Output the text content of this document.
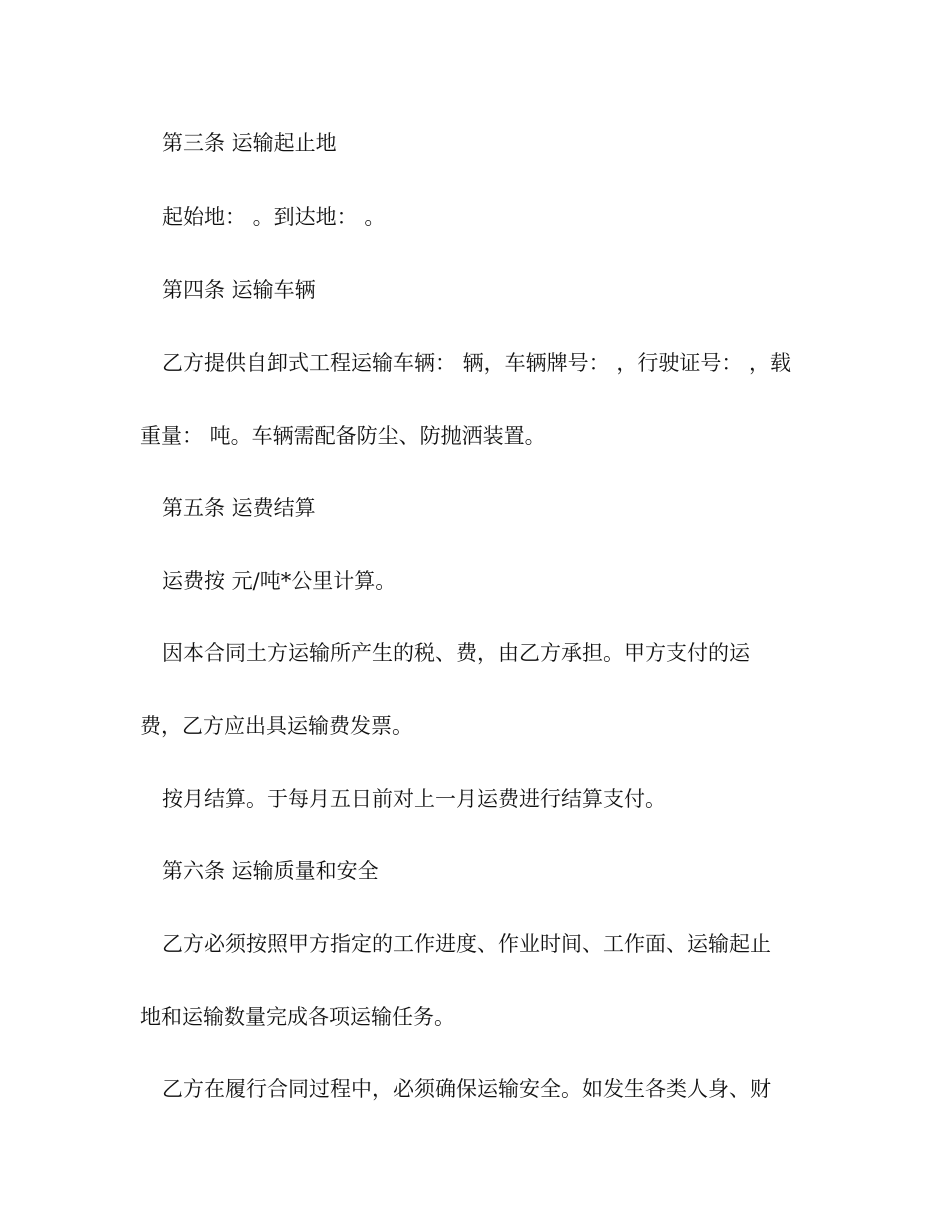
第三条 运输起止地

起始地： 。到达地： 。

第四条 运输车辆

乙方提供自卸式工程运输车辆： 辆，车辆牌号： ，行驶证号： ，载

重量： 吨。车辆需配备防尘、防抛洒装置。

第五条 运费结算

运费按 元/吨*公里计算。

因本合同土方运输所产生的税、费，由乙方承担。甲方支付的运

费，乙方应出具运输费发票。

按月结算。于每月五日前对上一月运费进行结算支付。

第六条 运输质量和安全

乙方必须按照甲方指定的工作进度、作业时间、工作面、运输起止

地和运输数量完成各项运输任务。

乙方在履行合同过程中，必须确保运输安全。如发生各类人身、财
